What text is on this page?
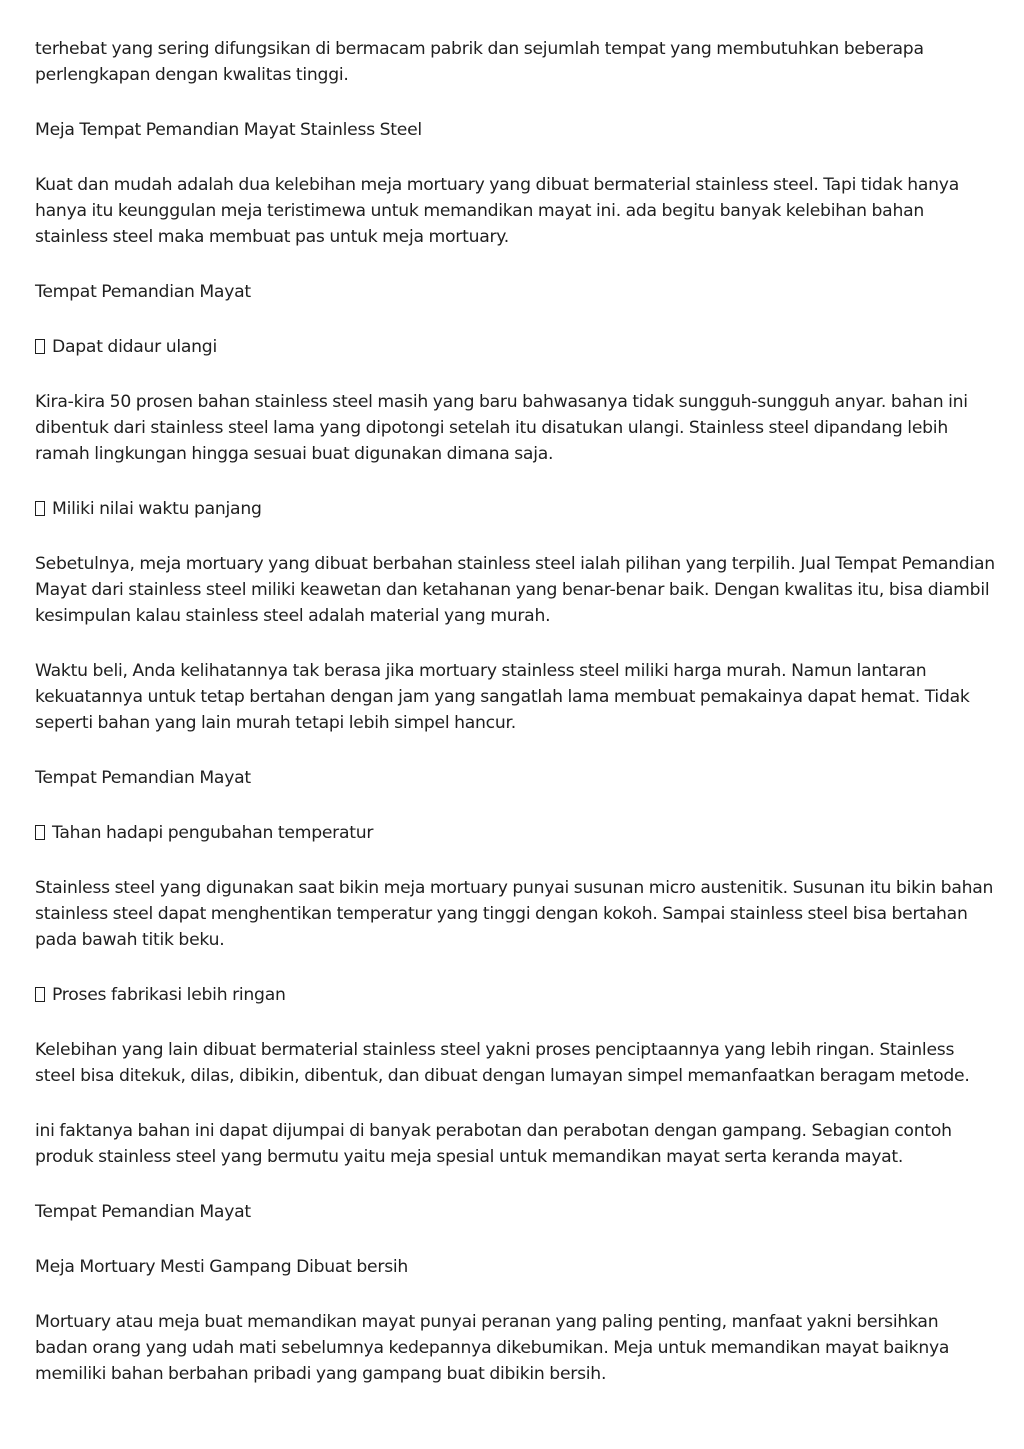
terhebat yang sering difungsikan di bermacam pabrik dan sejumlah tempat yang membutuhkan beberapa perlengkapan dengan kwalitas tinggi.

Meja Tempat Pemandian Mayat Stainless Steel

Kuat dan mudah adalah dua kelebihan meja mortuary yang dibuat bermaterial stainless steel. Tapi tidak hanya hanya itu keunggulan meja teristimewa untuk memandikan mayat ini. ada begitu banyak kelebihan bahan stainless steel maka membuat pas untuk meja mortuary.

Tempat Pemandian Mayat

Dapat didaur ulangi

Kira-kira 50 prosen bahan stainless steel masih yang baru bahwasanya tidak sungguh-sungguh anyar. bahan ini dibentuk dari stainless steel lama yang dipotongi setelah itu disatukan ulangi. Stainless steel dipandang lebih ramah lingkungan hingga sesuai buat digunakan dimana saja.

Miliki nilai waktu panjang

Sebetulnya, meja mortuary yang dibuat berbahan stainless steel ialah pilihan yang terpilih. Jual Tempat Pemandian Mayat dari stainless steel miliki keawetan dan ketahanan yang benar-benar baik. Dengan kwalitas itu, bisa diambil kesimpulan kalau stainless steel adalah material yang murah.

Waktu beli, Anda kelihatannya tak berasa jika mortuary stainless steel miliki harga murah. Namun lantaran kekuatannya untuk tetap bertahan dengan jam yang sangatlah lama membuat pemakainya dapat hemat. Tidak seperti bahan yang lain murah tetapi lebih simpel hancur.

Tempat Pemandian Mayat

Tahan hadapi pengubahan temperatur

Stainless steel yang digunakan saat bikin meja mortuary punyai susunan micro austenitik. Susunan itu bikin bahan stainless steel dapat menghentikan temperatur yang tinggi dengan kokoh. Sampai stainless steel bisa bertahan pada bawah titik beku.

Proses fabrikasi lebih ringan

Kelebihan yang lain dibuat bermaterial stainless steel yakni proses penciptaannya yang lebih ringan. Stainless steel bisa ditekuk, dilas, dibikin, dibentuk, dan dibuat dengan lumayan simpel memanfaatkan beragam metode.

ini faktanya bahan ini dapat dijumpai di banyak perabotan dan perabotan dengan gampang. Sebagian contoh produk stainless steel yang bermutu yaitu meja spesial untuk memandikan mayat serta keranda mayat.

Tempat Pemandian Mayat

Meja Mortuary Mesti Gampang Dibuat bersih

Mortuary atau meja buat memandikan mayat punyai peranan yang paling penting, manfaat yakni bersihkan badan orang yang udah mati sebelumnya kedepannya dikebumikan. Meja untuk memandikan mayat baiknya memiliki bahan berbahan pribadi yang gampang buat dibikin bersih.
